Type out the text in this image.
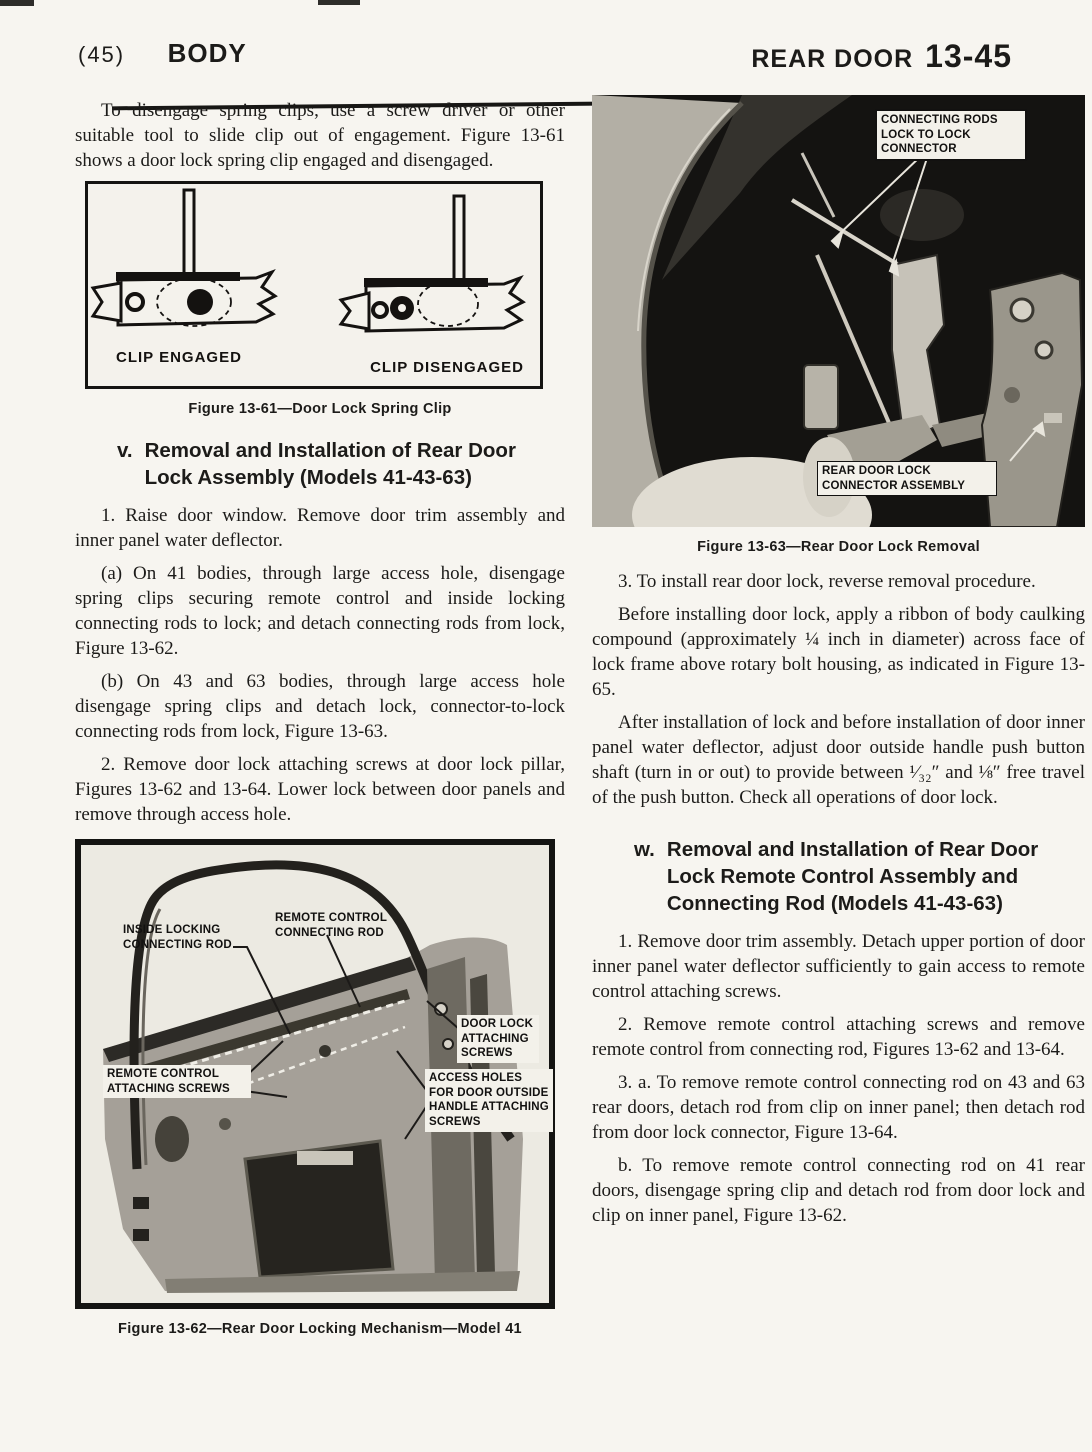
(45) BODY	REAR DOOR 13-45

To disengage spring clips, use a screw driver or other suitable tool to slide clip out of engagement. Figure 13-61 shows a door lock spring clip engaged and disengaged.

CLIP ENGAGED
CLIP DISENGAGED
Figure 13-61—Door Lock Spring Clip
v. Removal and Installation of Rear Door Lock Assembly (Models 41-43-63)

1. Raise door window. Remove door trim assembly and inner panel water deflector.

(a) On 41 bodies, through large access hole, disengage spring clips securing remote control and inside locking connecting rods to lock; and detach connecting rods from lock, Figure 13-62.

(b) On 43 and 63 bodies, through large access hole disengage spring clips and detach lock, connector-to-lock connecting rods from lock, Figure 13-63.

2. Remove door lock attaching screws at door lock pillar, Figures 13-62 and 13-64. Lower lock between door panels and remove through access hole.

INSIDE LOCKING CONNECTING ROD
REMOTE CONTROL CONNECTING ROD
REMOTE CONTROL ATTACHING SCREWS
DOOR LOCK ATTACHING SCREWS
ACCESS HOLES FOR DOOR OUTSIDE HANDLE ATTACHING SCREWS
Figure 13-62—Rear Door Locking Mechanism—Model 41
CONNECTING RODS LOCK TO LOCK CONNECTOR
REAR DOOR LOCK CONNECTOR ASSEMBLY
Figure 13-63—Rear Door Lock Removal

3. To install rear door lock, reverse removal procedure.

Before installing door lock, apply a ribbon of body caulking compound (approximately ¼ inch in diameter) across face of lock frame above rotary bolt housing, as indicated in Figure 13-65.

After installation of lock and before installation of door inner panel water deflector, adjust door outside handle push button shaft (turn in or out) to provide between ¹⁄₃₂″ and ⅛″ free travel of the push button. Check all operations of door lock.

w. Removal and Installation of Rear Door Lock Remote Control Assembly and Connecting Rod (Models 41-43-63)

1. Remove door trim assembly. Detach upper portion of door inner panel water deflector sufficiently to gain access to remote control attaching screws.

2. Remove remote control attaching screws and remove remote control from connecting rod, Figures 13-62 and 13-64.

3. a. To remove remote control connecting rod on 43 and 63 rear doors, detach rod from clip on inner panel; then detach rod from door lock connector, Figure 13-64.

b. To remove remote control connecting rod on 41 rear doors, disengage spring clip and detach rod from door lock and clip on inner panel, Figure 13-62.
